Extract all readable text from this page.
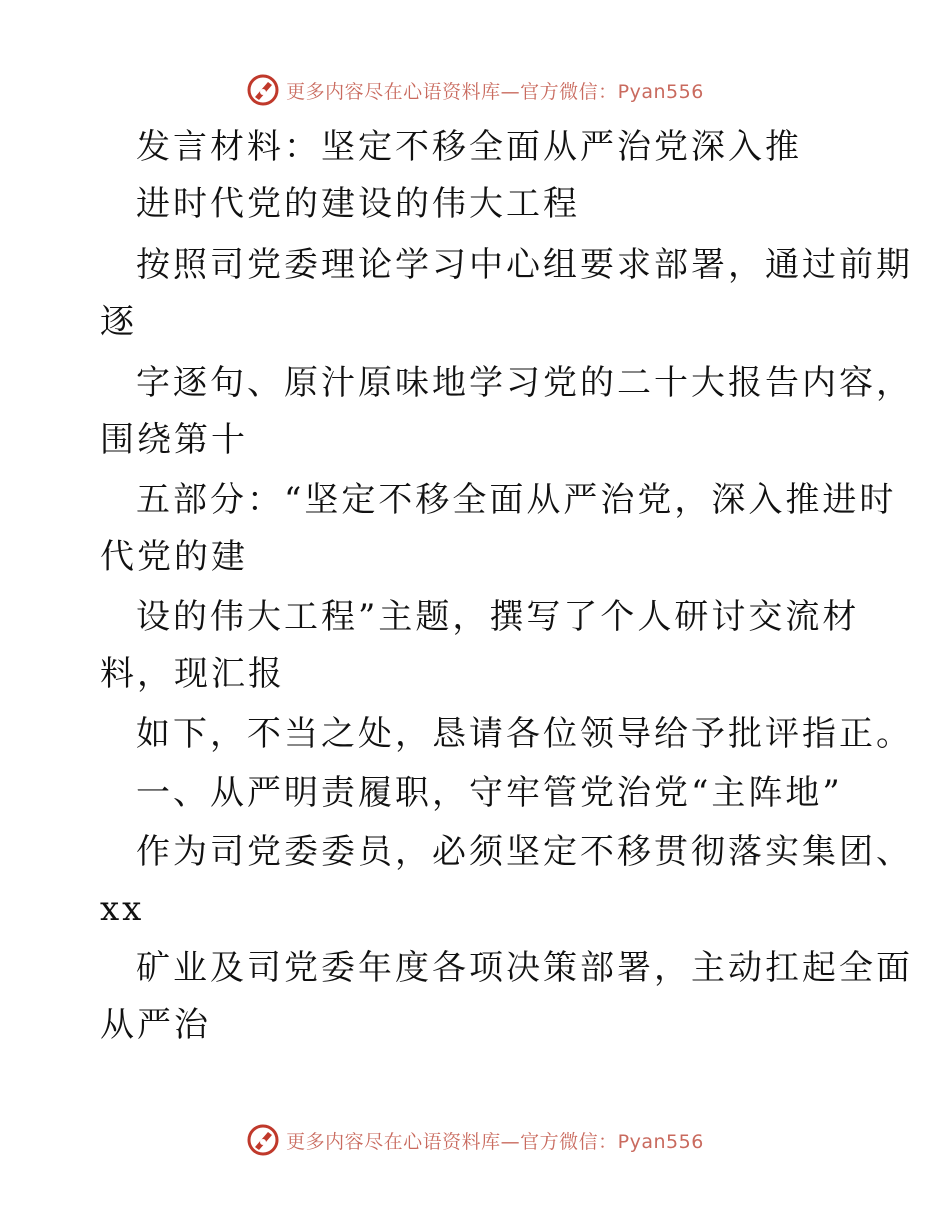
更多内容尽在心语资料库—官方微信：Pyan556
发言材料：坚定不移全面从严治党深入推
进时代党的建设的伟大工程
按照司党委理论学习中心组要求部署，通过前期
逐
字逐句、原汁原味地学习党的二十大报告内容，
围绕第十
五部分：“坚定不移全面从严治党，深入推进时
代党的建
设的伟大工程”主题，撰写了个人研讨交流材
料，现汇报
如下，不当之处，恳请各位领导给予批评指正。
一、从严明责履职，守牢管党治党“主阵地”
作为司党委委员，必须坚定不移贯彻落实集团、
xx
矿业及司党委年度各项决策部署，主动扛起全面
从严治
更多内容尽在心语资料库—官方微信：Pyan556
